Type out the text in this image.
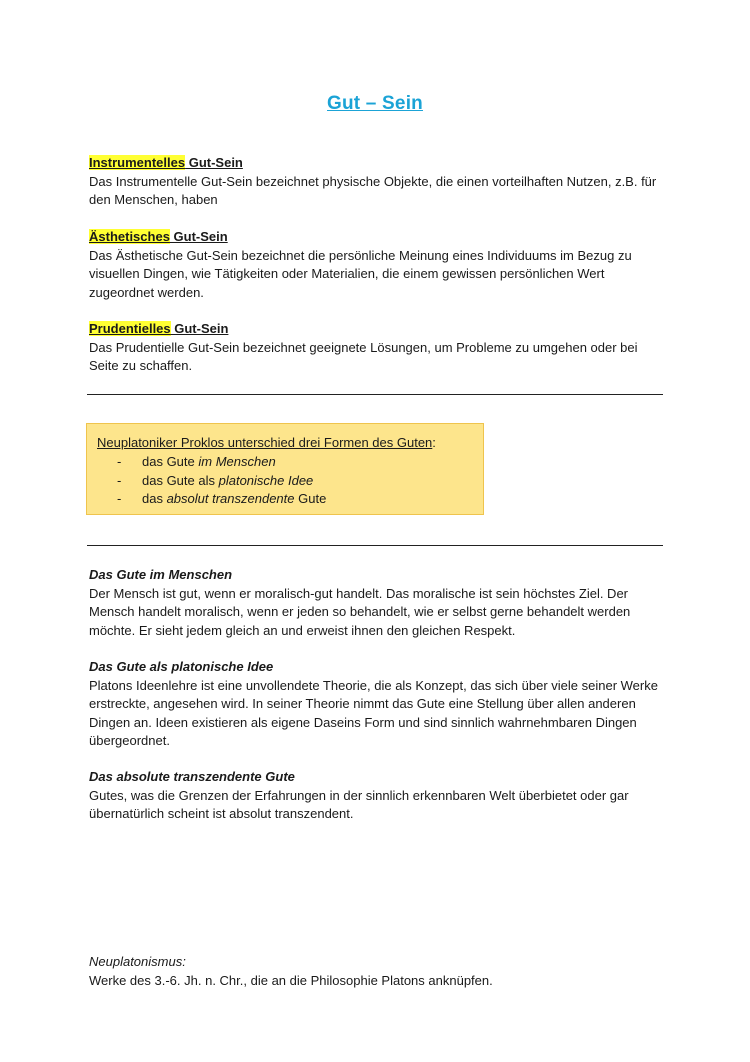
Gut – Sein
Instrumentelles Gut-Sein
Das Instrumentelle Gut-Sein bezeichnet physische Objekte, die einen vorteilhaften Nutzen, z.B. für den Menschen, haben
Ästhetisches Gut-Sein
Das Ästhetische Gut-Sein bezeichnet die persönliche Meinung eines Individuums im Bezug zu visuellen Dingen, wie Tätigkeiten oder Materialien, die einem gewissen persönlichen Wert zugeordnet werden.
Prudentielles Gut-Sein
Das Prudentielle Gut-Sein bezeichnet geeignete Lösungen, um Probleme zu umgehen oder bei Seite zu schaffen.
Neuplatoniker Proklos unterschied drei Formen des Guten:
- das Gute im Menschen
- das Gute als platonische Idee
- das absolut transzendente Gute
Das Gute im Menschen
Der Mensch ist gut, wenn er moralisch-gut handelt. Das moralische ist sein höchstes Ziel. Der Mensch handelt moralisch, wenn er jeden so behandelt, wie er selbst gerne behandelt werden möchte. Er sieht jedem gleich an und erweist ihnen den gleichen Respekt.
Das Gute als platonische Idee
Platons Ideenlehre ist eine unvollendete Theorie, die als Konzept, das sich über viele seiner Werke erstreckte, angesehen wird. In seiner Theorie nimmt das Gute eine Stellung über allen anderen Dingen an. Ideen existieren als eigene Daseins Form und sind sinnlich wahrnehmbaren Dingen übergeordnet.
Das absolute transzendente Gute
Gutes, was die Grenzen der Erfahrungen in der sinnlich erkennbaren Welt überbietet oder gar übernatürlich scheint ist absolut transzendent.
Neuplatonismus:
Werke des 3.-6. Jh. n. Chr., die an die Philosophie Platons anknüpfen.
